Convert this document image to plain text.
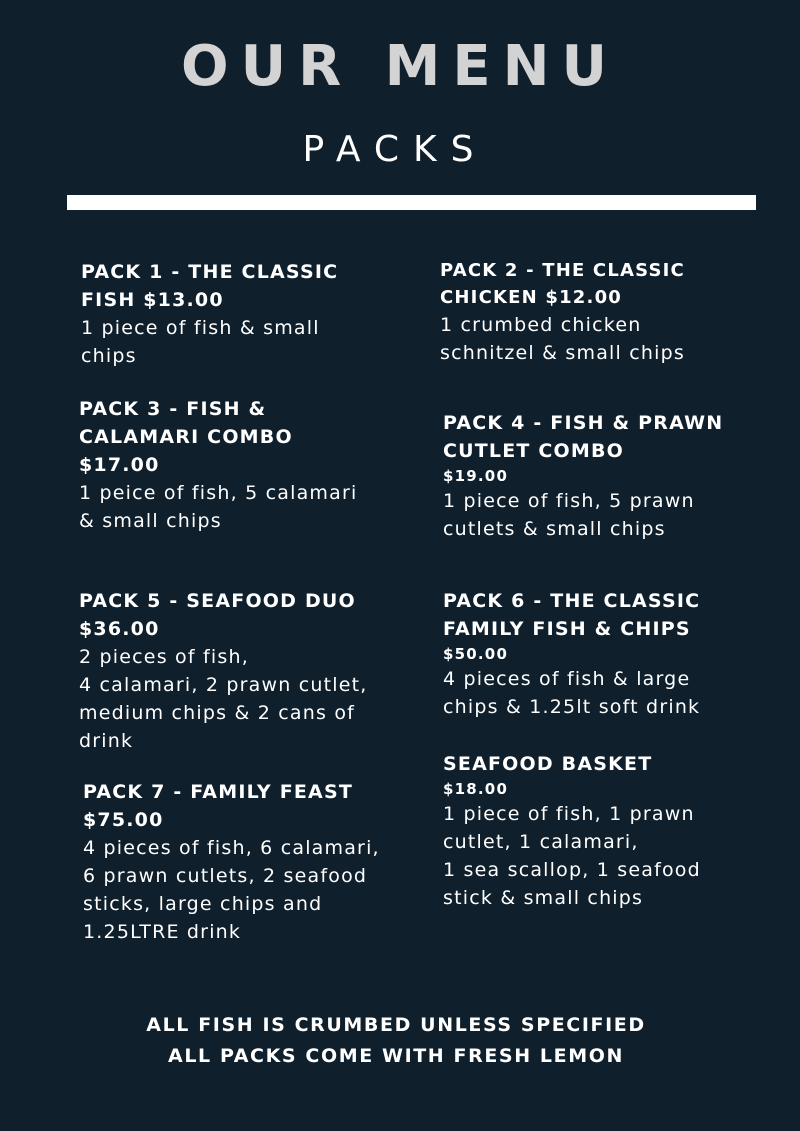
OUR MENU
PACKS
PACK 1 - THE CLASSIC
FISH $13.00
1 piece of fish & small
chips
PACK 2 - THE CLASSIC
CHICKEN $12.00
1 crumbed chicken
schnitzel & small chips
PACK 3 - FISH &
CALAMARI COMBO
$17.00
1 peice of fish, 5 calamari
& small chips
PACK 4 - FISH & PRAWN
CUTLET COMBO
$19.00
1 piece of fish, 5 prawn
cutlets & small chips
PACK 5 - SEAFOOD DUO
$36.00
2 pieces of fish,
4 calamari, 2 prawn cutlet,
medium chips & 2 cans of
drink
PACK 6 - THE CLASSIC
FAMILY FISH & CHIPS
$50.00
4 pieces of fish & large
chips & 1.25lt soft drink
PACK 7 - FAMILY FEAST
$75.00
4 pieces of fish, 6 calamari,
6 prawn cutlets, 2 seafood
sticks, large chips and
1.25LTRE drink
SEAFOOD BASKET
$18.00
1 piece of fish, 1 prawn
cutlet, 1 calamari,
1 sea scallop, 1 seafood
stick & small chips
ALL FISH IS CRUMBED UNLESS SPECIFIED
ALL PACKS COME WITH FRESH LEMON
